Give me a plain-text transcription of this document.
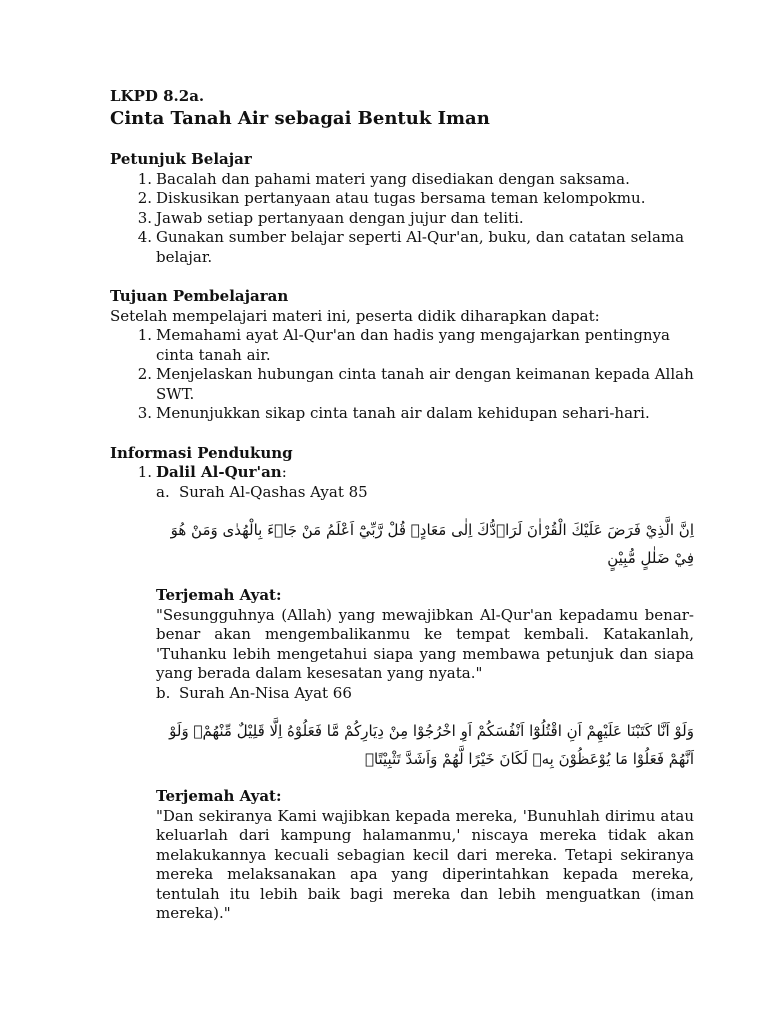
LKPD 8.2a.
Cinta Tanah Air sebagai Bentuk Iman
Petunjuk Belajar
1. Bacalah dan pahami materi yang disediakan dengan saksama.
2. Diskusikan pertanyaan atau tugas bersama teman kelompokmu.
3. Jawab setiap pertanyaan dengan jujur dan teliti.
4. Gunakan sumber belajar seperti Al-Qur'an, buku, dan catatan selama belajar.
Tujuan Pembelajaran
Setelah mempelajari materi ini, peserta didik diharapkan dapat:
1. Memahami ayat Al-Qur'an dan hadis yang mengajarkan pentingnya cinta tanah air.
2. Menjelaskan hubungan cinta tanah air dengan keimanan kepada Allah SWT.
3. Menunjukkan sikap cinta tanah air dalam kehidupan sehari-hari.
Informasi Pendukung
1. Dalil Al-Qur'an:
a. Surah Al-Qashas Ayat 85
اِنَّ الَّذِيْ فَرَضَ عَلَيْكَ الْقُرْاٰنَ لَرَاۤدُّكَ اِلٰى مَعَادٍۗ قُلْ رَّبِّيْٓ اَعْلَمُ مَنْ جَاۤءَ بِالْهُدٰى وَمَنْ هُوَ فِيْ ضَلٰلٍ مُّبِيْنٍ
Terjemah Ayat:
"Sesungguhnya (Allah) yang mewajibkan Al-Qur'an kepadamu benar-benar akan mengembalikanmu ke tempat kembali. Katakanlah, 'Tuhanku lebih mengetahui siapa yang membawa petunjuk dan siapa yang berada dalam kesesatan yang nyata."
b. Surah An-Nisa Ayat 66
وَلَوْ اَنَّا كَتَبْنَا عَلَيْهِمْ اَنِ اقْتُلُوْٓا اَنْفُسَكُمْ اَوِ اخْرُجُوْا مِنْ دِيَارِكُمْ مَّا فَعَلُوْهُ اِلَّا قَلِيْلٌ مِّنْهُمْۗ وَلَوْ اَنَّهُمْ فَعَلُوْا مَا يُوْعَظُوْنَ بِهٖ لَكَانَ خَيْرًا لَّهُمْ وَاَشَدَّ تَثْبِيْتًاۙ
Terjemah Ayat:
"Dan sekiranya Kami wajibkan kepada mereka, 'Bunuhlah dirimu atau keluarlah dari kampung halamanmu,' niscaya mereka tidak akan melakukannya kecuali sebagian kecil dari mereka. Tetapi sekiranya mereka melaksanakan apa yang diperintahkan kepada mereka, tentulah itu lebih baik bagi mereka dan lebih menguatkan (iman mereka)."
